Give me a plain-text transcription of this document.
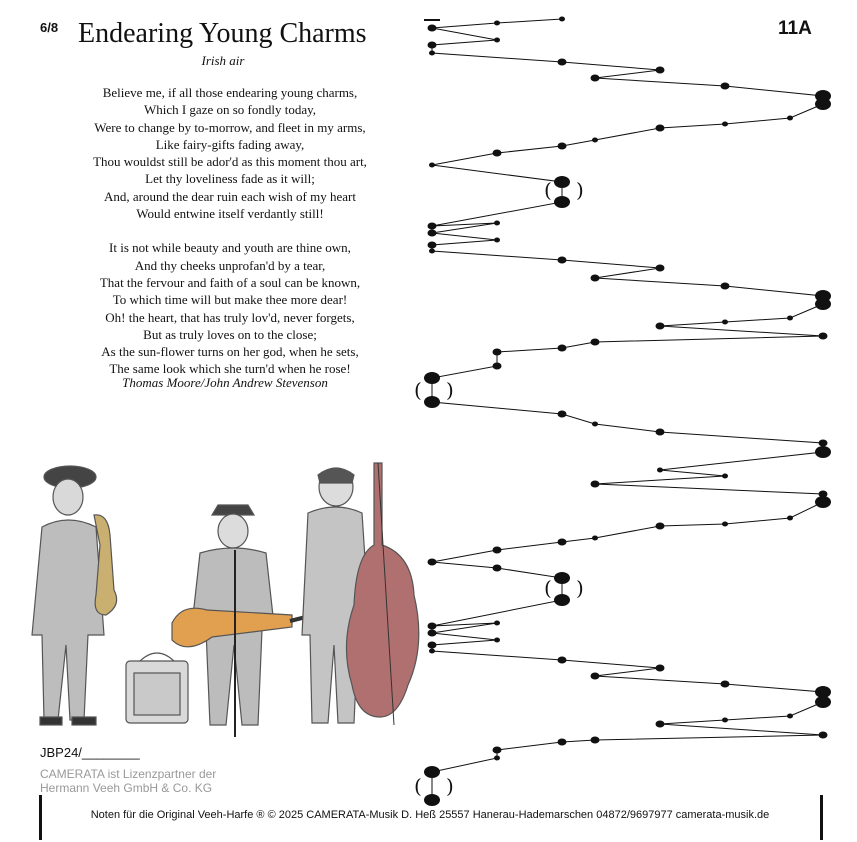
6/8 Endearing Young Charms
Irish air
11A
Believe me, if all those endearing young charms,
Which I gaze on so fondly today,
Were to change by to-morrow, and fleet in my arms,
Like fairy-gifts fading away,
Thou wouldst still be ador'd as this moment thou art,
Let thy loveliness fade as it will;
And, around the dear ruin each wish of my heart
Would entwine itself verdantly still!
It is not while beauty and youth are thine own,
And thy cheeks unprofan'd by a tear,
That the fervour and faith of a soul can be known,
To which time will but make thee more dear!
Oh! the heart, that has truly lov'd, never forgets,
But as truly loves on to the close;
As the sun-flower turns on her god, when he sets,
The same look which she turn'd when he rose!
Thomas Moore/John Andrew Stevenson
JBP24/________
CAMERATA ist Lizenzpartner der
Hermann Veeh GmbH & Co. KG
( )
( )
( )
( )
Noten für die Original Veeh-Harfe ® © 2025 CAMERATA-Musik D. Heß 25557 Hanerau-Hademarschen 04872/9697977 camerata-musik.de
